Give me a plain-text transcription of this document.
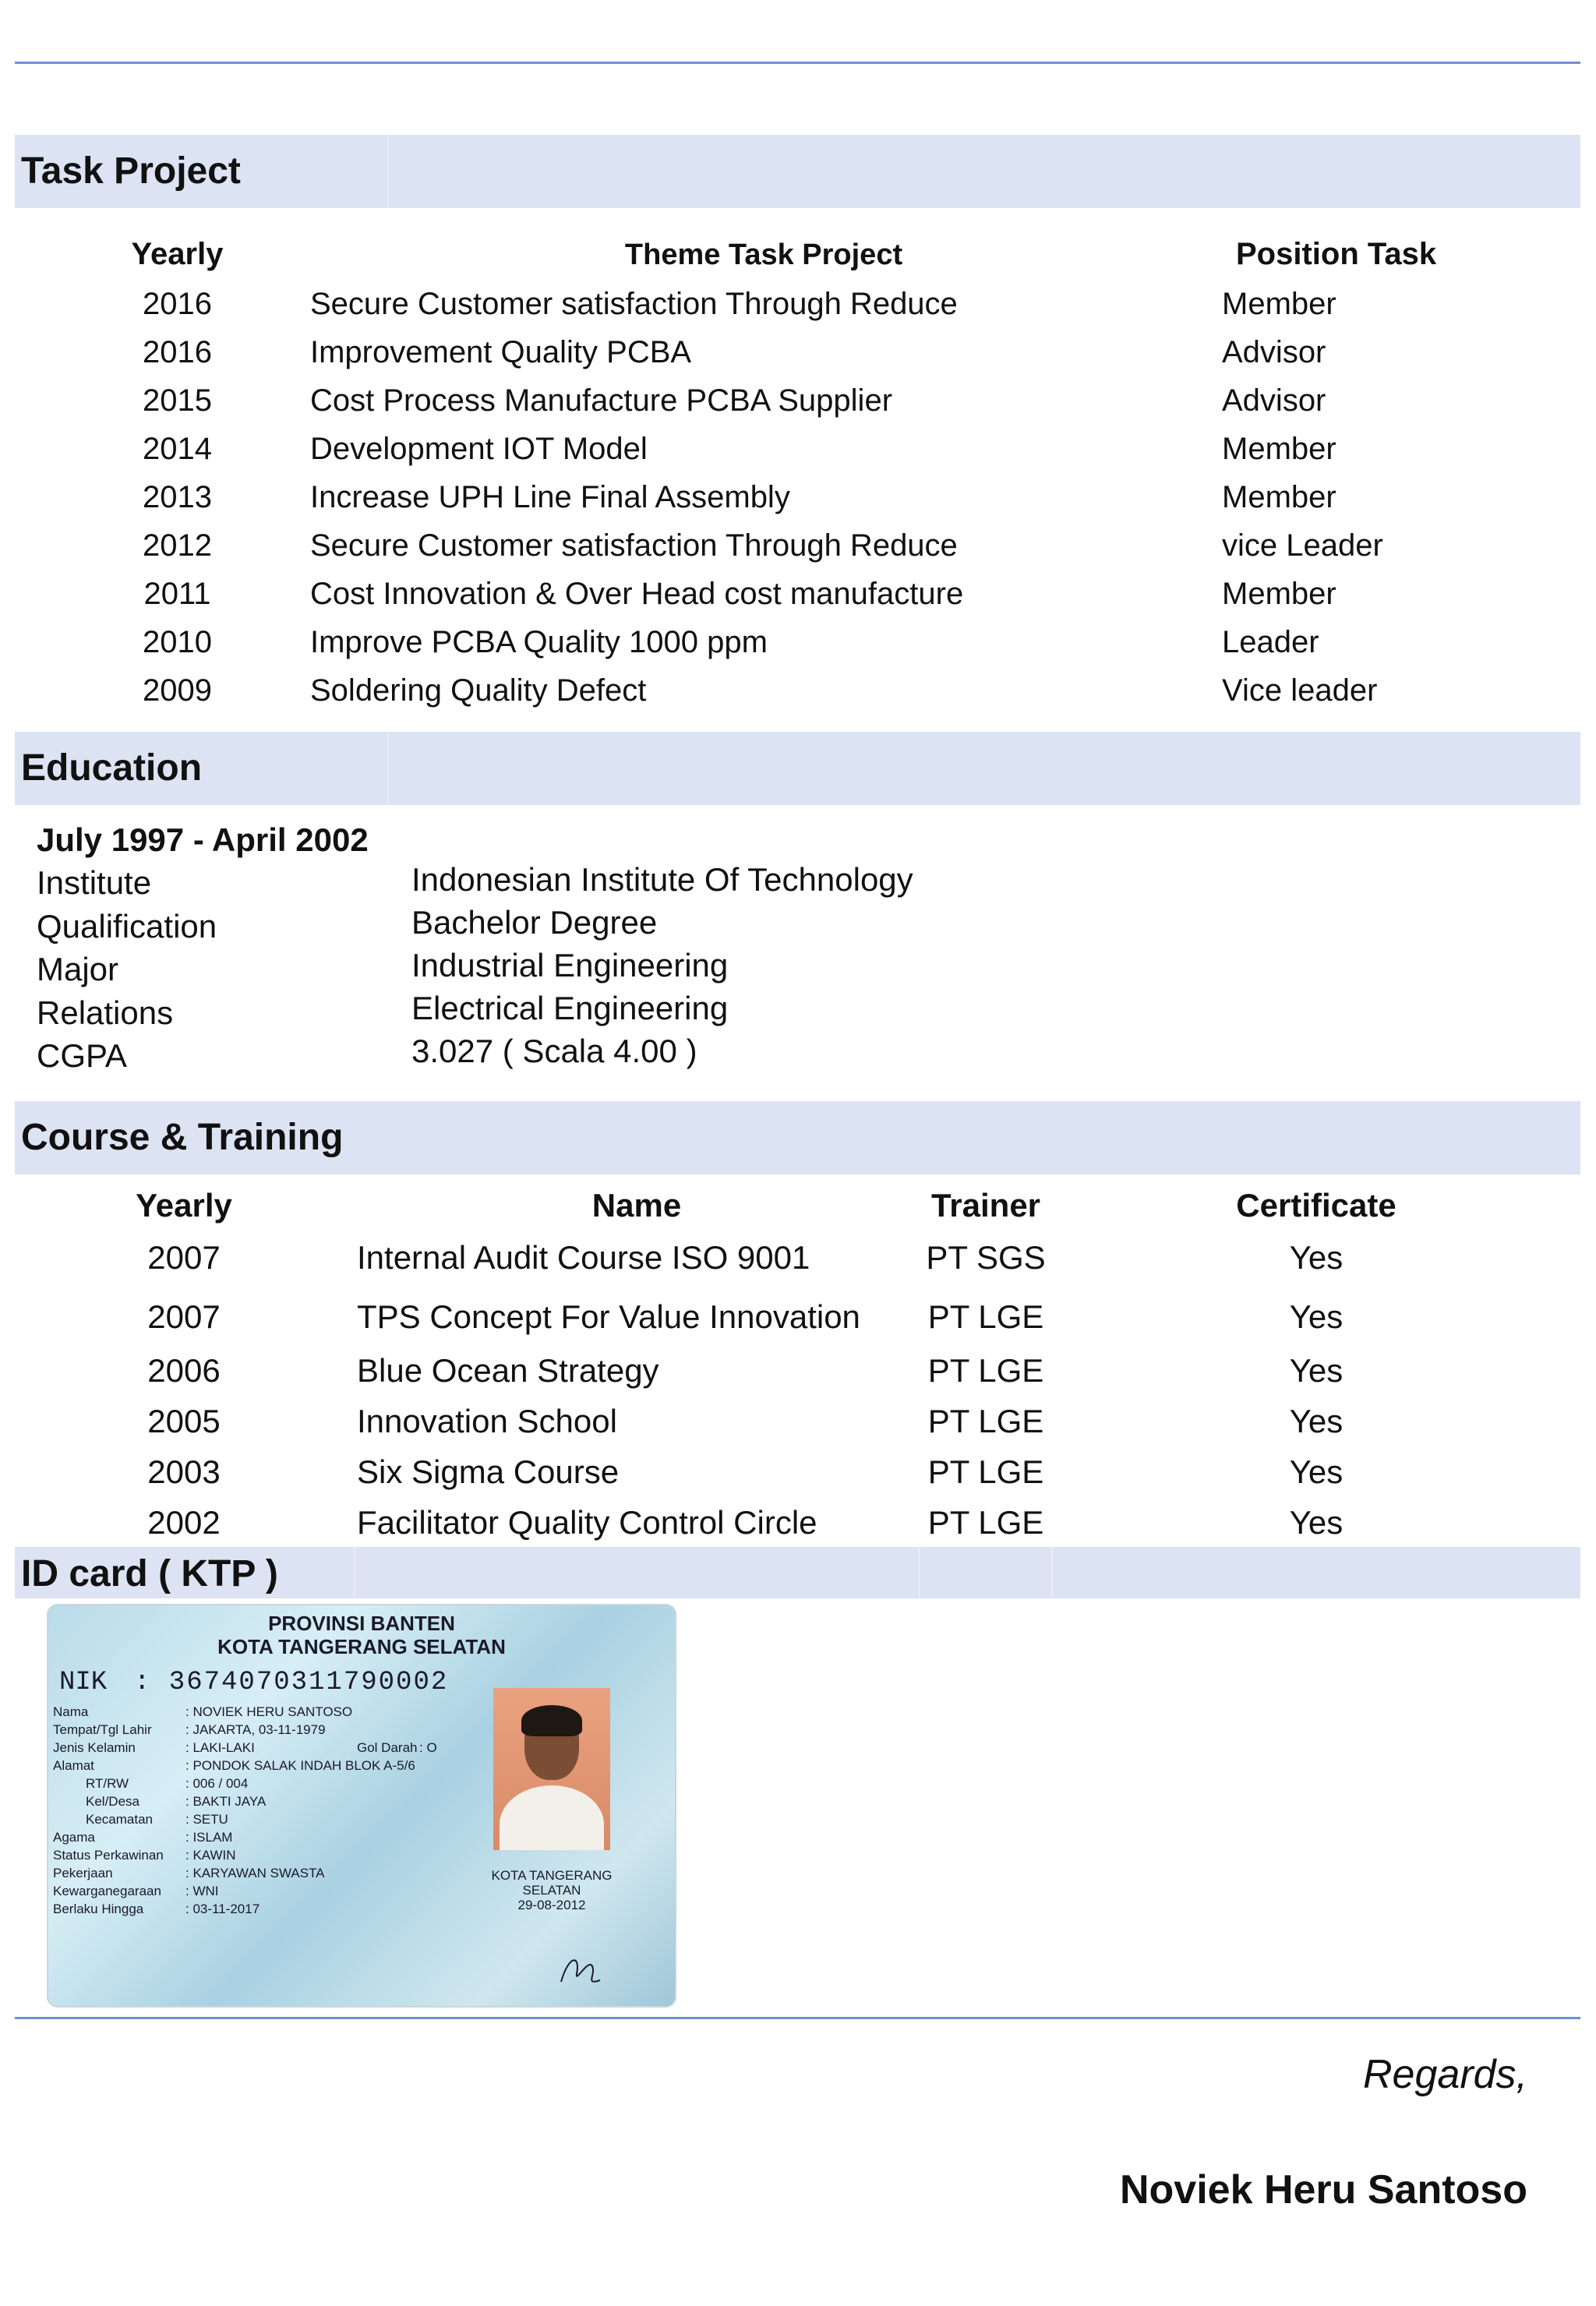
Task Project
Yearly	Theme Task Project	Position Task
2016	Secure Customer satisfaction Through Reduce	Member
2016	Improvement Quality PCBA	Advisor
2015	Cost Process Manufacture PCBA Supplier	Advisor
2014	Development IOT Model	Member
2013	Increase UPH Line Final Assembly	Member
2012	Secure Customer satisfaction Through Reduce	vice Leader
2011	Cost Innovation & Over Head cost manufacture	Member
2010	Improve PCBA Quality 1000 ppm	Leader
2009	Soldering Quality Defect	Vice leader
Education
July 1997 - April 2002
Institute	Indonesian Institute Of Technology
Qualification	Bachelor Degree
Major	Industrial Engineering
Relations	Electrical Engineering
CGPA	3.027 ( Scala 4.00 )
Course & Training
Yearly	Name	Trainer	Certificate
2007	Internal Audit Course ISO 9001	PT SGS	Yes
2007	TPS Concept For Value Innovation	PT LGE	Yes
2006	Blue Ocean Strategy	PT LGE	Yes
2005	Innovation School	PT LGE	Yes
2003	Six Sigma Course	PT LGE	Yes
2002	Facilitator Quality Control Circle	PT LGE	Yes
ID card ( KTP )
PROVINSI BANTEN
KOTA TANGERANG SELATAN
NIK : 3674070311790002
Nama	: NOVIEK HERU SANTOSO
Tempat/Tgl Lahir	: JAKARTA, 03-11-1979
Jenis Kelamin	: LAKI-LAKI	Gol Darah : O
Alamat	: PONDOK SALAK INDAH BLOK A-5/6
RT/RW	: 006 / 004
Kel/Desa	: BAKTI JAYA
Kecamatan : SETU
Agama	: ISLAM
Status Perkawinan : KAWIN
Pekerjaan	: KARYAWAN SWASTA
Kewarganegaraan : WNI
Berlaku Hingga	: 03-11-2017
KOTA TANGERANG
SELATAN
29-08-2012
Regards,
Noviek Heru Santoso
